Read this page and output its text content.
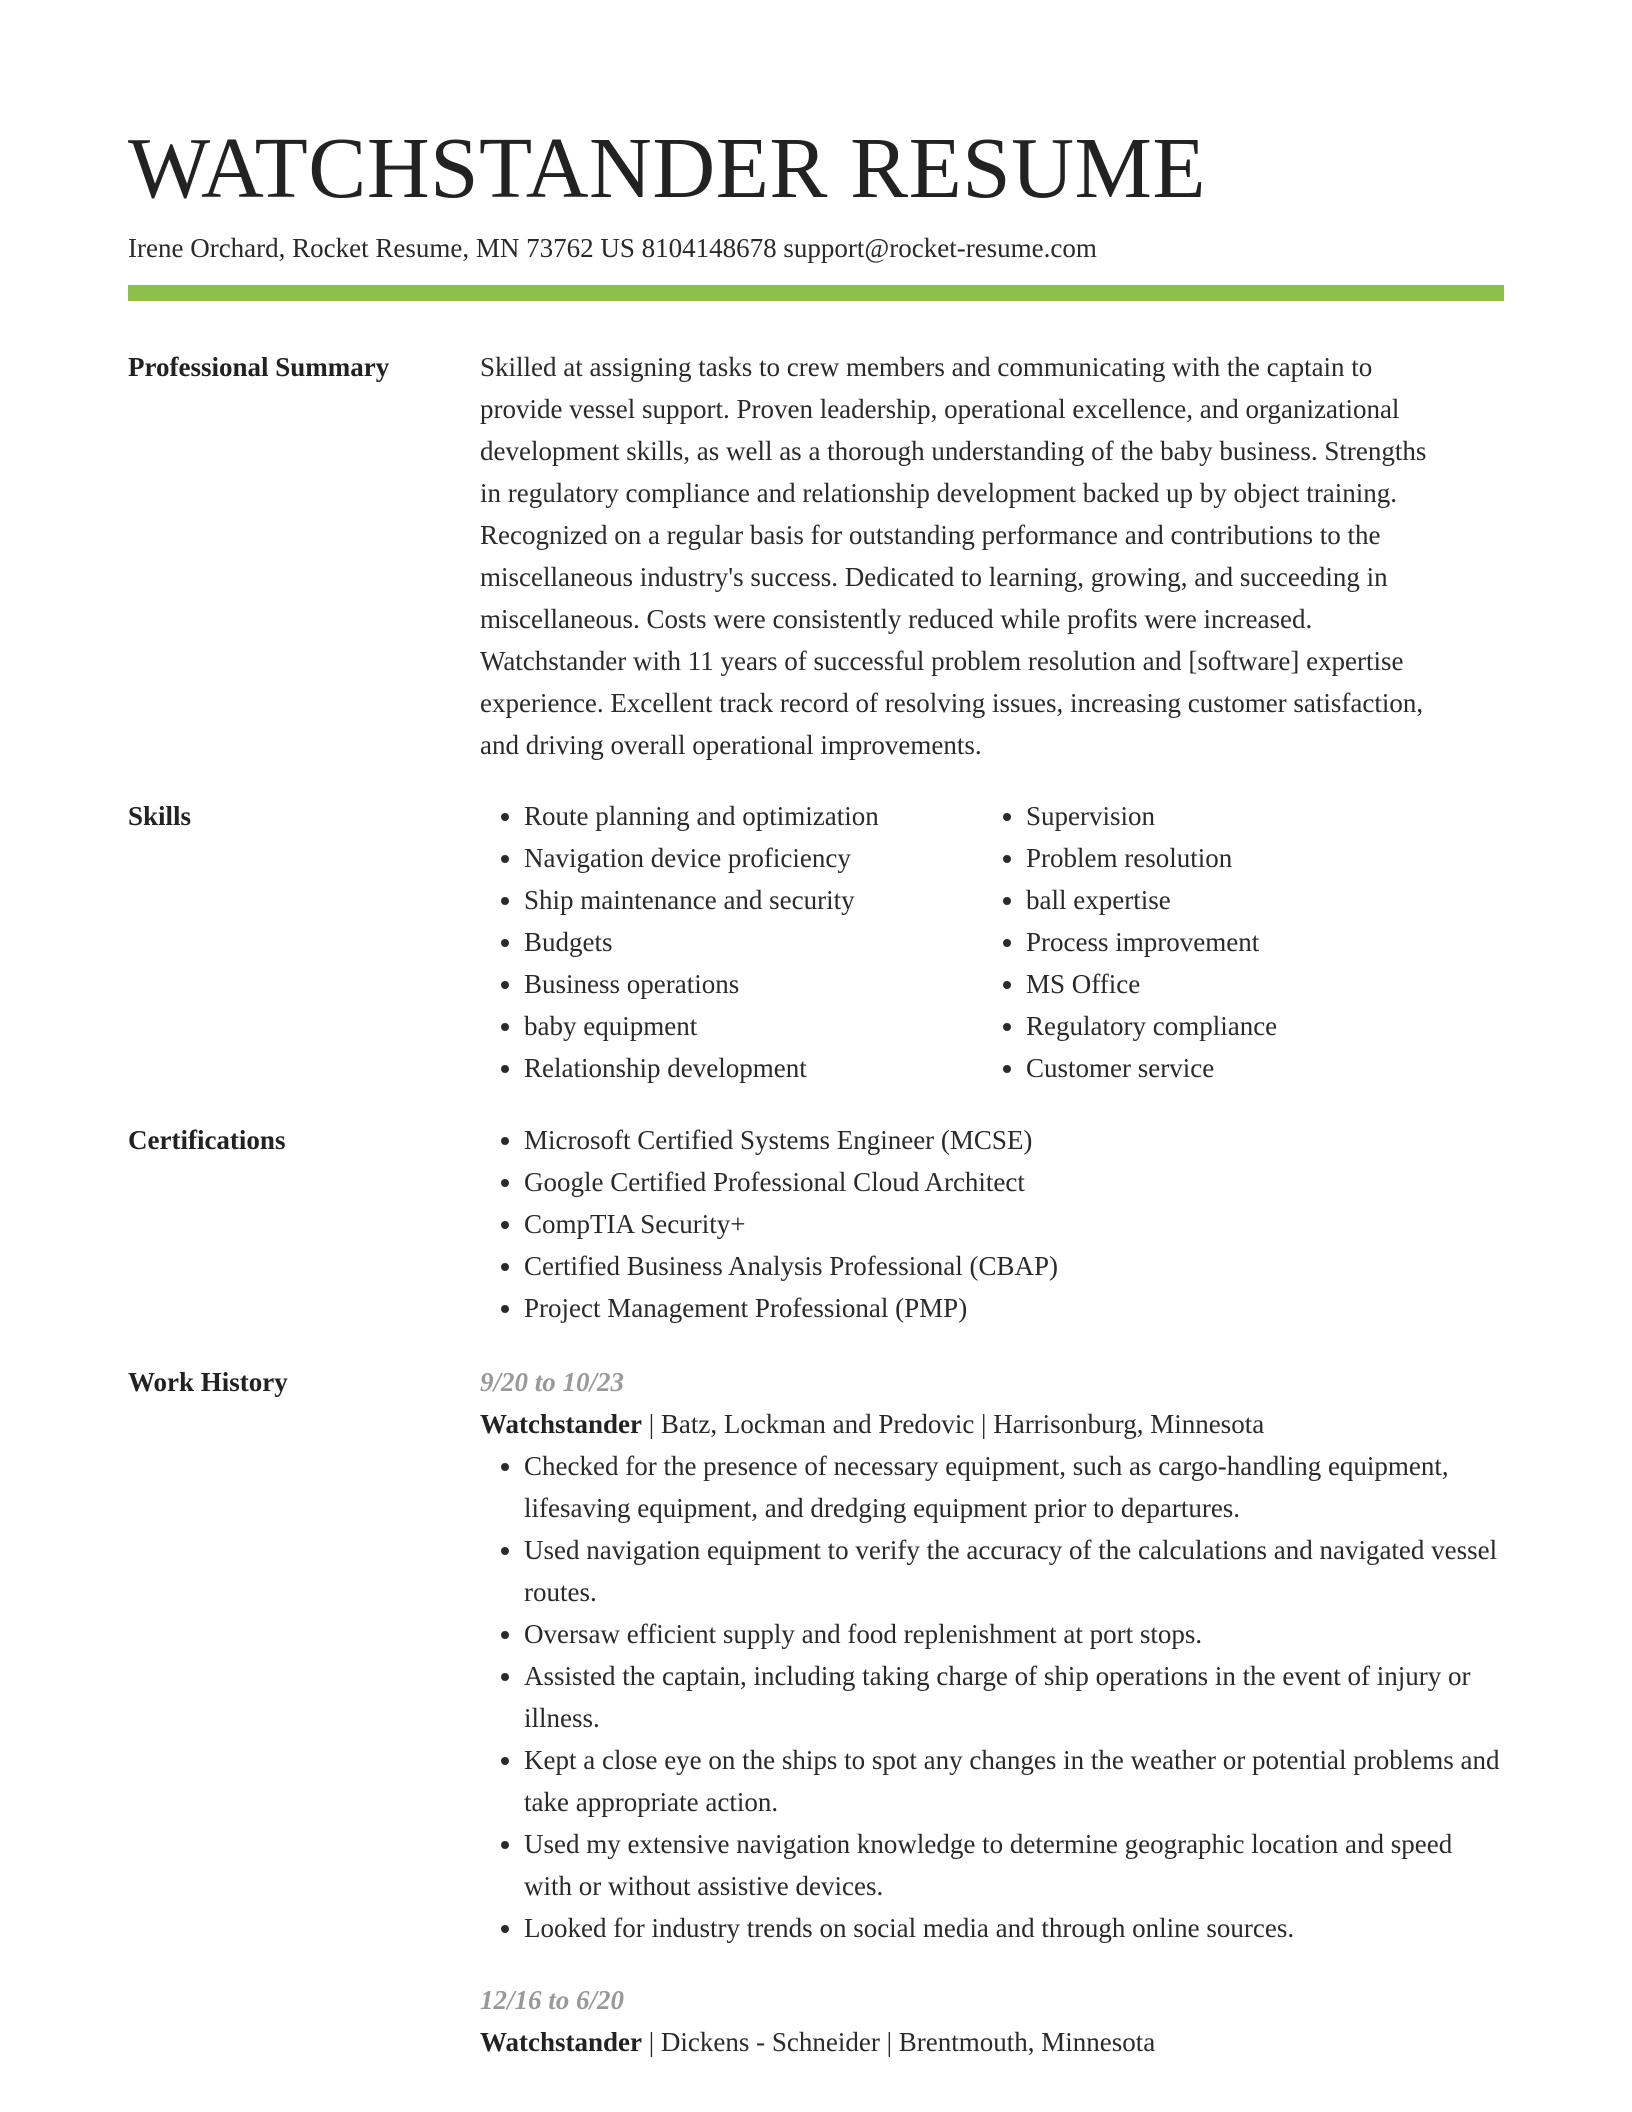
WATCHSTANDER RESUME
Irene Orchard, Rocket Resume, MN 73762 US 8104148678 support@rocket-resume.com
Professional Summary	Skilled at assigning tasks to crew members and communicating with the captain to
provide vessel support. Proven leadership, operational excellence, and organizational
development skills, as well as a thorough understanding of the baby business. Strengths
in regulatory compliance and relationship development backed up by object training.
Recognized on a regular basis for outstanding performance and contributions to the
miscellaneous industry's success. Dedicated to learning, growing, and succeeding in
miscellaneous. Costs were consistently reduced while profits were increased.
Watchstander with 11 years of successful problem resolution and [software] expertise
experience. Excellent track record of resolving issues, increasing customer satisfaction,
and driving overall operational improvements.
Skills	• Route planning and optimization
• Navigation device proficiency
• Ship maintenance and security
• Budgets
• Business operations
• baby equipment
• Relationship development
• Supervision
• Problem resolution
• ball expertise
• Process improvement
• MS Office
• Regulatory compliance
• Customer service
Certifications	• Microsoft Certified Systems Engineer (MCSE)
• Google Certified Professional Cloud Architect
• CompTIA Security+
• Certified Business Analysis Professional (CBAP)
• Project Management Professional (PMP)
Work History	9/20 to 10/23
Watchstander | Batz, Lockman and Predovic | Harrisonburg, Minnesota
• Checked for the presence of necessary equipment, such as cargo-handling equipment, lifesaving equipment, and dredging equipment prior to departures.
• Used navigation equipment to verify the accuracy of the calculations and navigated vessel routes.
• Oversaw efficient supply and food replenishment at port stops.
• Assisted the captain, including taking charge of ship operations in the event of injury or illness.
• Kept a close eye on the ships to spot any changes in the weather or potential problems and take appropriate action.
• Used my extensive navigation knowledge to determine geographic location and speed with or without assistive devices.
• Looked for industry trends on social media and through online sources.
12/16 to 6/20
Watchstander | Dickens - Schneider | Brentmouth, Minnesota
